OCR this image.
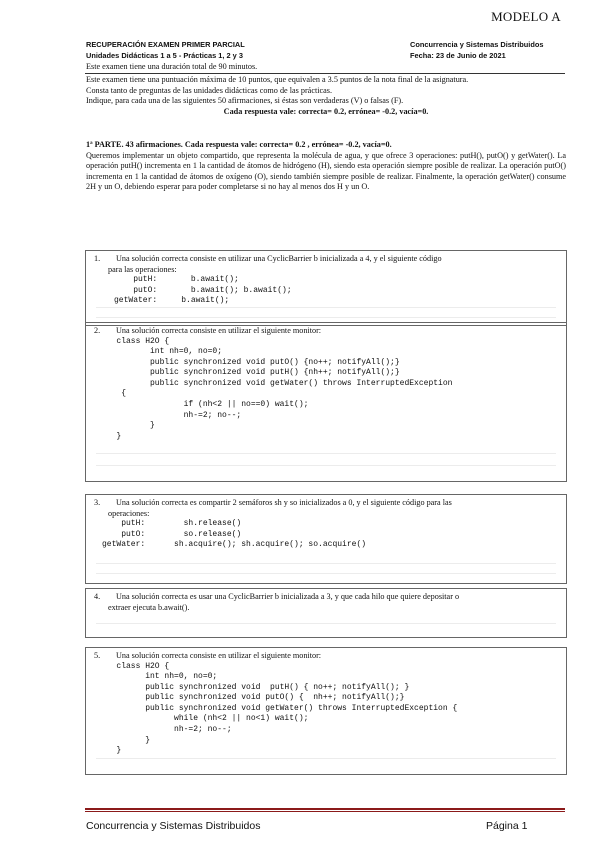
MODELO A
RECUPERACIÓN EXAMEN PRIMER PARCIAL
Unidades Didácticas 1 a 5 - Prácticas 1, 2 y 3
Concurrencia y Sistemas Distribuidos
Fecha: 23 de Junio de 2021
Este examen tiene una duración total de 90 minutos.
Este examen tiene una puntuación máxima de 10 puntos, que equivalen a 3.5 puntos de la nota final de la asignatura.
Consta tanto de preguntas de las unidades didácticas como de las prácticas.
Indique, para cada una de las siguientes 50 afirmaciones, si éstas son verdaderas (V) o falsas (F).
Cada respuesta vale: correcta= 0.2, errónea= -0.2, vacía=0.
1ª PARTE. 43 afirmaciones. Cada respuesta vale: correcta= 0.2 , errónea= -0.2, vacía=0.
Queremos implementar un objeto compartido, que representa la molécula de agua, y que ofrece 3 operaciones: putH(), putO() y getWater(). La operación putH() incrementa en 1 la cantidad de átomos de hidrógeno (H), siendo esta operación siempre posible de realizar. La operación putO() incrementa en 1 la cantidad de átomos de oxígeno (O), siendo también siempre posible de realizar. Finalmente, la operación getWater() consume 2H y un O, debiendo esperar para poder completarse si no hay al menos dos H y un O.
1. Una solución correcta consiste en utilizar una CyclicBarrier b inicializada a 4, y el siguiente código
para las operaciones:
putH:       b.await();
putO:       b.await(); b.await();
getWater:     b.await();
2. Una solución correcta consiste en utilizar el siguiente monitor:
class H2O {
int nh=0, no=0;
public synchronized void putO() {no++; notifyAll();}
public synchronized void putH() {nh++; notifyAll();}
public synchronized void getWater() throws InterruptedException
{
if (nh<2 || no==0) wait();
nh-=2; no--;
}
}
3. Una solución correcta es compartir 2 semáforos sh y so inicializados a 0, y el siguiente código para las
operaciones:
putH:        sh.release()
putO:        so.release()
getWater:      sh.acquire(); sh.acquire(); so.acquire()
4. Una solución correcta es usar una CyclicBarrier b inicializada a 3, y que cada hilo que quiere depositar o
extraer ejecuta b.await().
5. Una solución correcta consiste en utilizar el siguiente monitor:
class H2O {
int nh=0, no=0;
public synchronized void  putH() { no++; notifyAll(); }
public synchronized void putO() {  nh++; notifyAll();}
public synchronized void getWater() throws InterruptedException {
while (nh<2 || no<1) wait();
nh-=2; no--;
}
}
Concurrencia y Sistemas Distribuidos	Página 1
